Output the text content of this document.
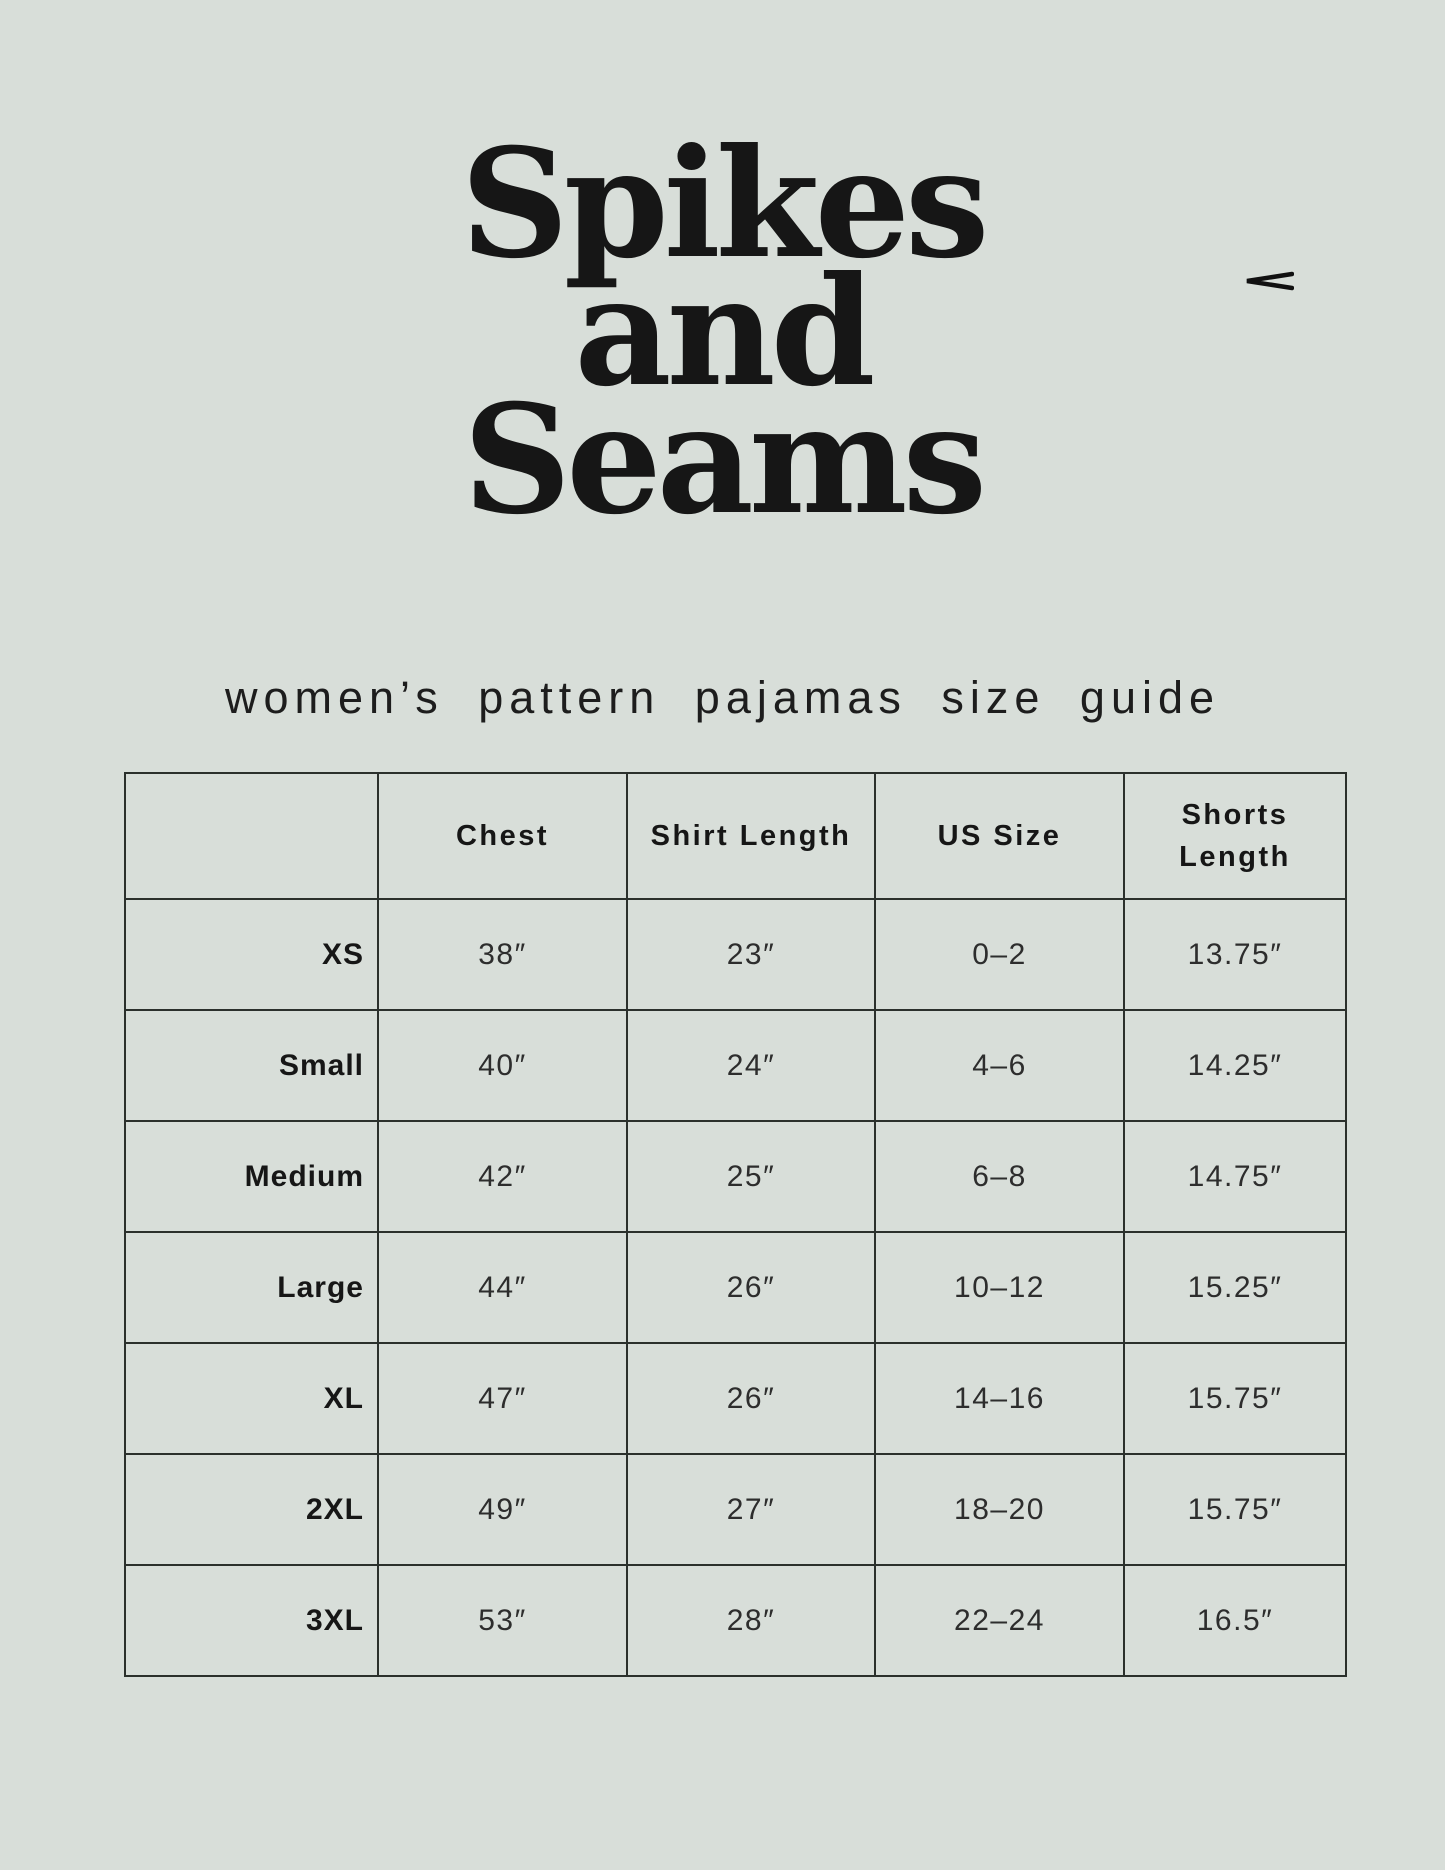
Spikes
and
Seams
women’s pattern pajamas size guide
	Chest	Shirt Length	US Size	Shorts Length
XS	38″	23″	0–2	13.75″
Small	40″	24″	4–6	14.25″
Medium	42″	25″	6–8	14.75″
Large	44″	26″	10–12	15.25″
XL	47″	26″	14–16	15.75″
2XL	49″	27″	18–20	15.75″
3XL	53″	28″	22–24	16.5″
